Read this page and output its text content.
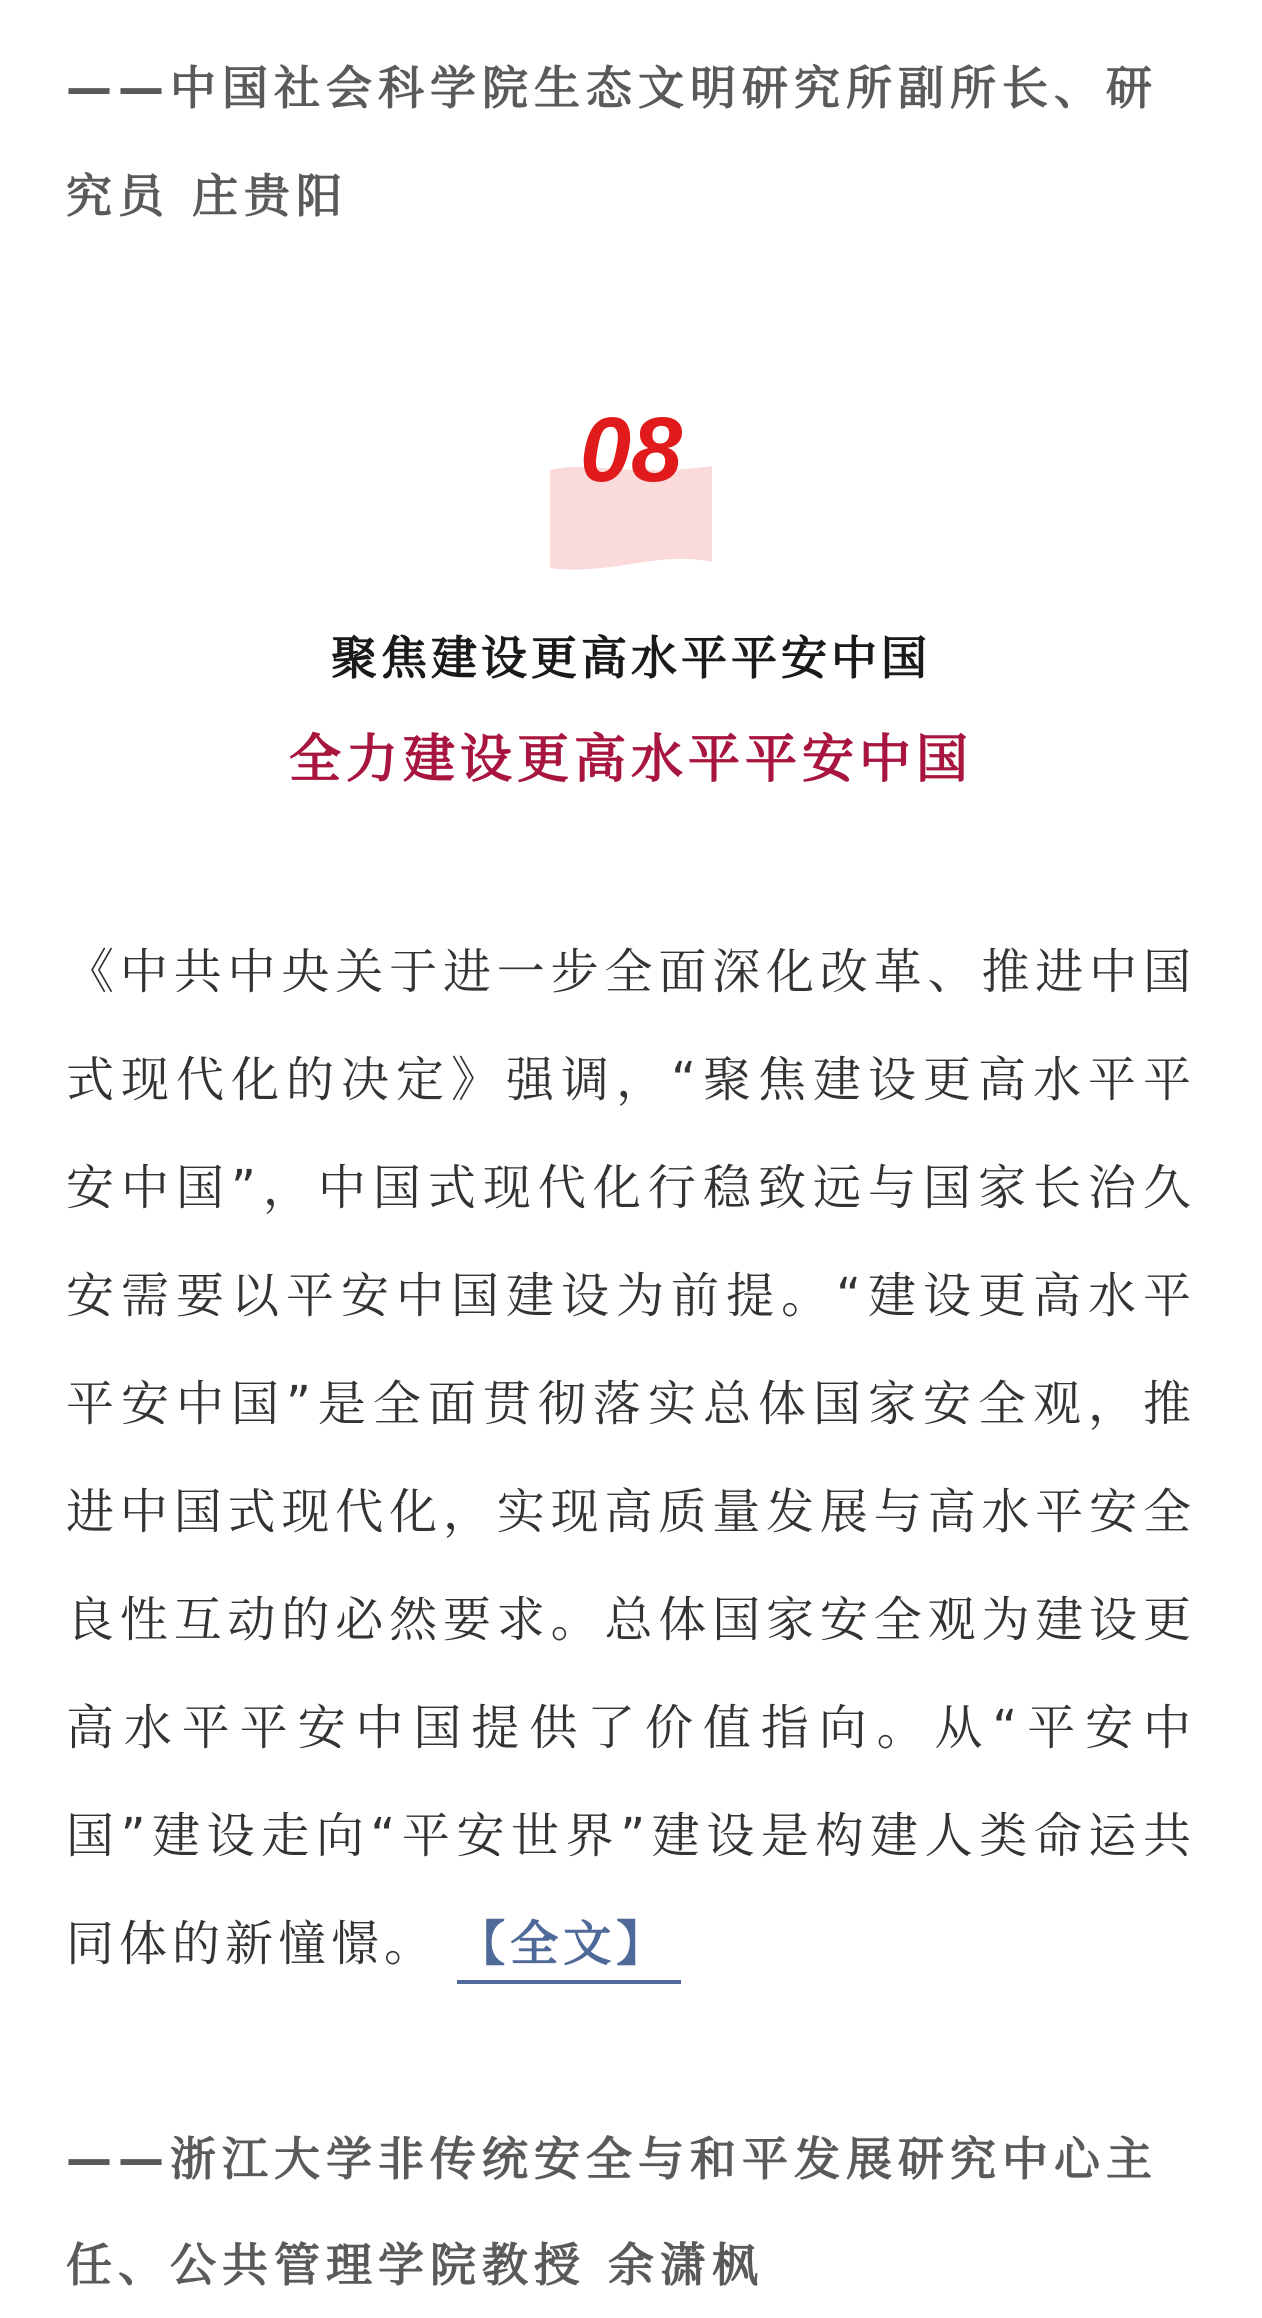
——中国社会科学院生态文明研究所副所长、研究员 庄贵阳
08
聚焦建设更高水平平安中国
全力建设更高水平平安中国
《中共中央关于进一步全面深化改革、推进中国式现代化的决定》强调，“聚焦建设更高水平平安中国”，中国式现代化行稳致远与国家长治久安需要以平安中国建设为前提。“建设更高水平平安中国”是全面贯彻落实总体国家安全观，推进中国式现代化，实现高质量发展与高水平安全良性互动的必然要求。总体国家安全观为建设更高水平平安中国提供了价值指向。从“平安中国”建设走向“平安世界”建设是构建人类命运共同体的新憧憬。 【全文】
——浙江大学非传统安全与和平发展研究中心主任、公共管理学院教授 余潇枫
